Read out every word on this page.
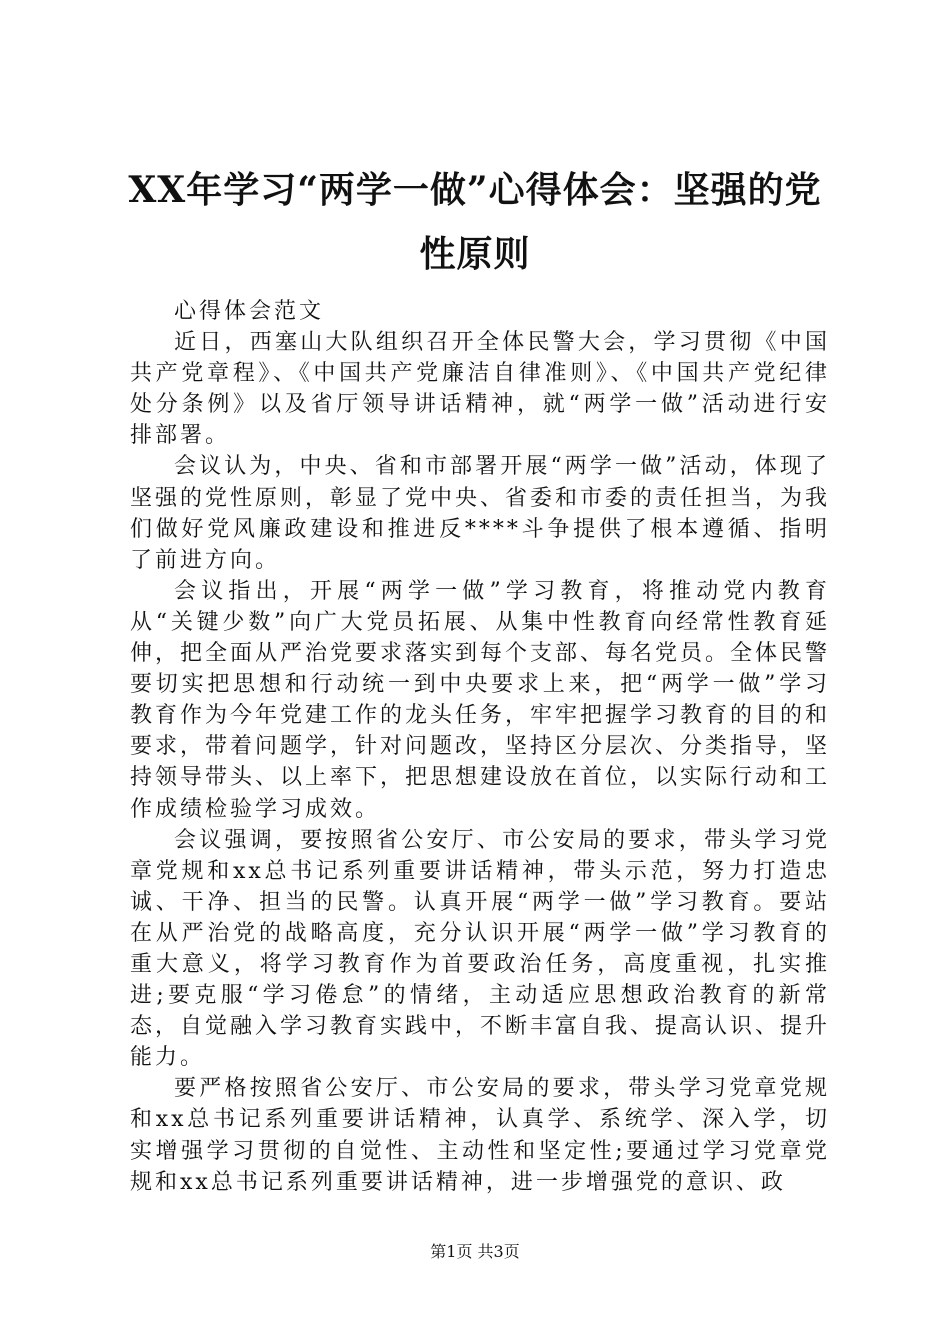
XX年学习“两学一做”心得体会：坚强的党性原则

心得体会范文

近日，西塞山大队组织召开全体民警大会，学习贯彻《中国共产党章程》、《中国共产党廉洁自律准则》、《中国共产党纪律处分条例》以及省厅领导讲话精神，就“两学一做”活动进行安排部署。

会议认为，中央、省和市部署开展“两学一做”活动，体现了坚强的党性原则，彰显了党中央、省委和市委的责任担当，为我们做好党风廉政建设和推进反****斗争提供了根本遵循、指明了前进方向。

会议指出，开展“两学一做”学习教育，将推动党内教育从“关键少数”向广大党员拓展、从集中性教育向经常性教育延伸，把全面从严治党要求落实到每个支部、每名党员。全体民警要切实把思想和行动统一到中央要求上来，把“两学一做”学习教育作为今年党建工作的龙头任务，牢牢把握学习教育的目的和要求，带着问题学，针对问题改，坚持区分层次、分类指导，坚持领导带头、以上率下，把思想建设放在首位，以实际行动和工作成绩检验学习成效。

会议强调，要按照省公安厅、市公安局的要求，带头学习党章党规和xx总书记系列重要讲话精神，带头示范，努力打造忠诚、干净、担当的民警。认真开展“两学一做”学习教育。要站在从严治党的战略高度，充分认识开展“两学一做”学习教育的重大意义，将学习教育作为首要政治任务，高度重视，扎实推进;要克服“学习倦怠”的情绪，主动适应思想政治教育的新常态，自觉融入学习教育实践中，不断丰富自我、提高认识、提升能力。

要严格按照省公安厅、市公安局的要求，带头学习党章党规和xx总书记系列重要讲话精神，认真学、系统学、深入学，切实增强学习贯彻的自觉性、主动性和坚定性;要通过学习党章党规和xx总书记系列重要讲话精神，进一步增强党的意识、政

第1页 共3页
